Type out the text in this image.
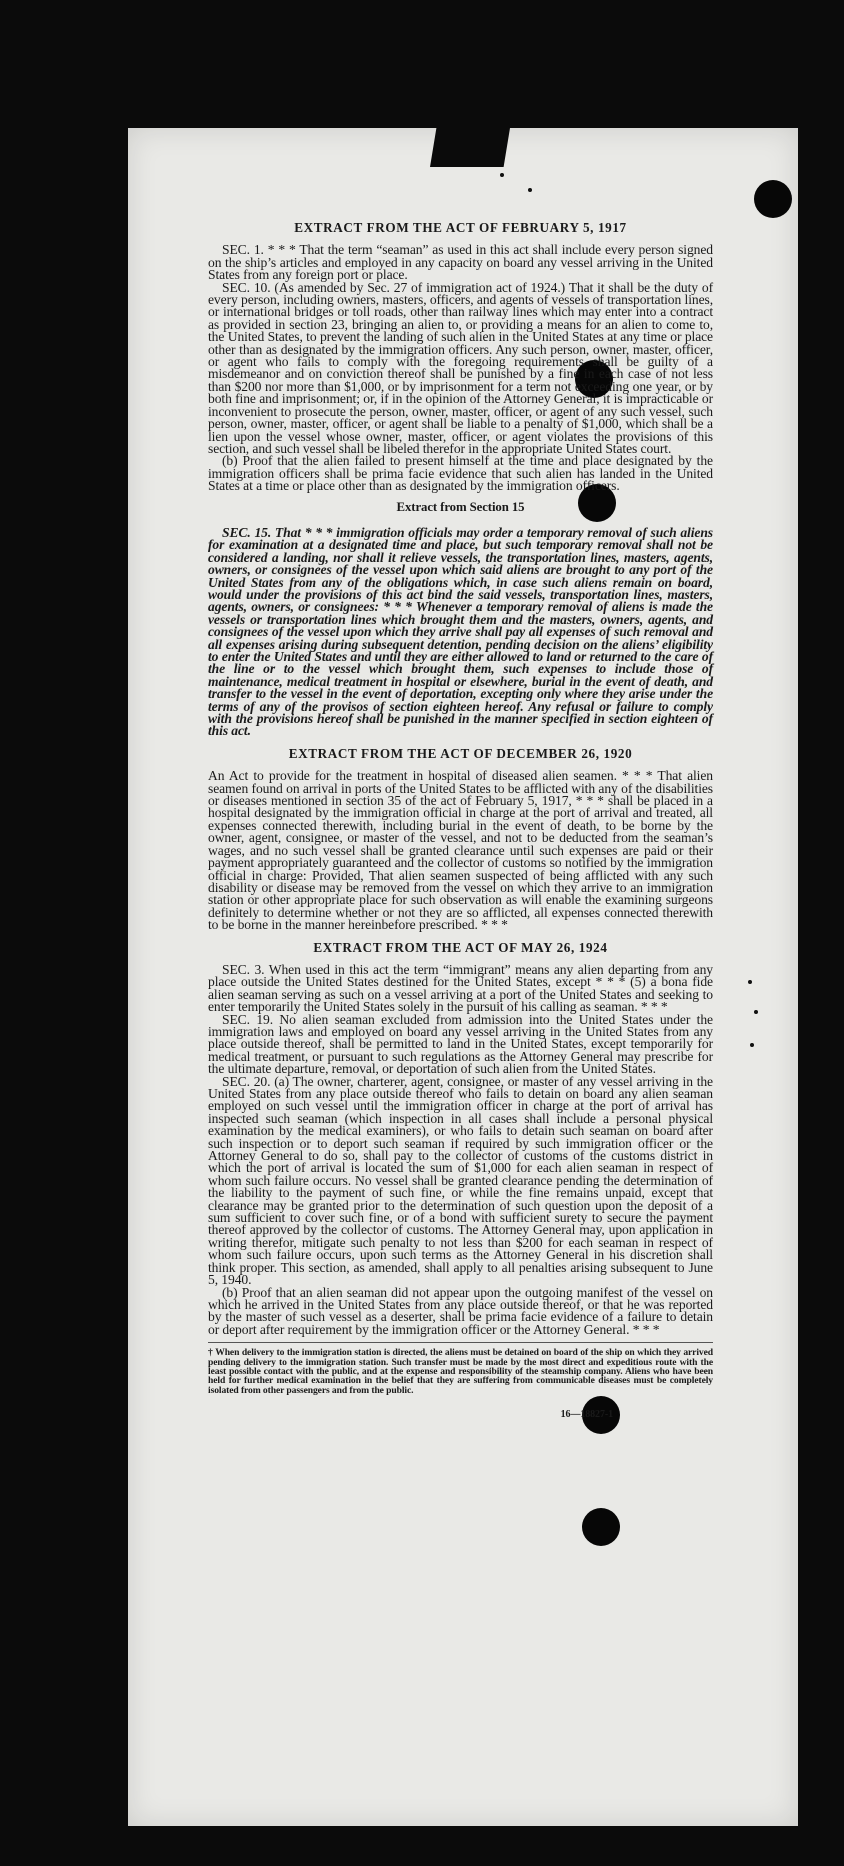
EXTRACT FROM THE ACT OF FEBRUARY 5, 1917

SEC. 1. * * * That the term “seaman” as used in this act shall include every person signed on the ship’s articles and employed in any capacity on board any vessel arriving in the United States from any foreign port or place.

SEC. 10. (As amended by Sec. 27 of immigration act of 1924.) That it shall be the duty of every person, including owners, masters, officers, and agents of vessels of transportation lines, or international bridges or toll roads, other than railway lines which may enter into a contract as provided in section 23, bringing an alien to, or providing a means for an alien to come to, the United States, to prevent the landing of such alien in the United States at any time or place other than as designated by the immigration officers. Any such person, owner, master, officer, or agent who fails to comply with the foregoing requirements shall be guilty of a misdemeanor and on conviction thereof shall be punished by a fine in each case of not less than $200 nor more than $1,000, or by imprisonment for a term not exceeding one year, or by both fine and imprisonment; or, if in the opinion of the Attorney General, it is impracticable or inconvenient to prosecute the person, owner, master, officer, or agent of any such vessel, such person, owner, master, officer, or agent shall be liable to a penalty of $1,000, which shall be a lien upon the vessel whose owner, master, officer, or agent violates the provisions of this section, and such vessel shall be libeled therefor in the appropriate United States court.

(b) Proof that the alien failed to present himself at the time and place designated by the immigration officers shall be prima facie evidence that such alien has landed in the United States at a time or place other than as designated by the immigration officers.

Extract from Section 15

SEC. 15. That * * * immigration officials may order a temporary removal of such aliens for examination at a designated time and place, but such temporary removal shall not be considered a landing, nor shall it relieve vessels, the transportation lines, masters, agents, owners, or consignees of the vessel upon which said aliens are brought to any port of the United States from any of the obligations which, in case such aliens remain on board, would under the provisions of this act bind the said vessels, transportation lines, masters, agents, owners, or consignees: * * * Whenever a temporary removal of aliens is made the vessels or transportation lines which brought them and the masters, owners, agents, and consignees of the vessel upon which they arrive shall pay all expenses of such removal and all expenses arising during subsequent detention, pending decision on the aliens’ eligibility to enter the United States and until they are either allowed to land or returned to the care of the line or to the vessel which brought them, such expenses to include those of maintenance, medical treatment in hospital or elsewhere, burial in the event of death, and transfer to the vessel in the event of deportation, excepting only where they arise under the terms of any of the provisos of section eighteen hereof. Any refusal or failure to comply with the provisions hereof shall be punished in the manner specified in section eighteen of this act.

EXTRACT FROM THE ACT OF DECEMBER 26, 1920

An Act to provide for the treatment in hospital of diseased alien seamen. * * * That alien seamen found on arrival in ports of the United States to be afflicted with any of the disabilities or diseases mentioned in section 35 of the act of February 5, 1917, * * * shall be placed in a hospital designated by the immigration official in charge at the port of arrival and treated, all expenses connected therewith, including burial in the event of death, to be borne by the owner, agent, consignee, or master of the vessel, and not to be deducted from the seaman’s wages, and no such vessel shall be granted clearance until such expenses are paid or their payment appropriately guaranteed and the collector of customs so notified by the immigration official in charge: Provided, That alien seamen suspected of being afflicted with any such disability or disease may be removed from the vessel on which they arrive to an immigration station or other appropriate place for such observation as will enable the examining surgeons definitely to determine whether or not they are so afflicted, all expenses connected therewith to be borne in the manner hereinbefore prescribed. * * *

EXTRACT FROM THE ACT OF MAY 26, 1924

SEC. 3. When used in this act the term “immigrant” means any alien departing from any place outside the United States destined for the United States, except * * * (5) a bona fide alien seaman serving as such on a vessel arriving at a port of the United States and seeking to enter temporarily the United States solely in the pursuit of his calling as seaman. * * *

SEC. 19. No alien seaman excluded from admission into the United States under the immigration laws and employed on board any vessel arriving in the United States from any place outside thereof, shall be permitted to land in the United States, except temporarily for medical treatment, or pursuant to such regulations as the Attorney General may prescribe for the ultimate departure, removal, or deportation of such alien from the United States.

SEC. 20. (a) The owner, charterer, agent, consignee, or master of any vessel arriving in the United States from any place outside thereof who fails to detain on board any alien seaman employed on such vessel until the immigration officer in charge at the port of arrival has inspected such seaman (which inspection in all cases shall include a personal physical examination by the medical examiners), or who fails to detain such seaman on board after such inspection or to deport such seaman if required by such immigration officer or the Attorney General to do so, shall pay to the collector of customs of the customs district in which the port of arrival is located the sum of $1,000 for each alien seaman in respect of whom such failure occurs. No vessel shall be granted clearance pending the determination of the liability to the payment of such fine, or while the fine remains unpaid, except that clearance may be granted prior to the determination of such question upon the deposit of a sum sufficient to cover such fine, or of a bond with sufficient surety to secure the payment thereof approved by the collector of customs. The Attorney General may, upon application in writing therefor, mitigate such penalty to not less than $200 for each seaman in respect of whom such failure occurs, upon such terms as the Attorney General in his discretion shall think proper. This section, as amended, shall apply to all penalties arising subsequent to June 5, 1940.

(b) Proof that an alien seaman did not appear upon the outgoing manifest of the vessel on which he arrived in the United States from any place outside thereof, or that he was reported by the master of such vessel as a deserter, shall be prima facie evidence of a failure to detain or deport after requirement by the immigration officer or the Attorney General. * * *

† When delivery to the immigration station is directed, the aliens must be detained on board of the ship on which they arrived pending delivery to the immigration station. Such transfer must be made by the most direct and expeditious route with the least possible contact with the public, and at the expense and responsibility of the steamship company. Aliens who have been held for further medical examination in the belief that they are suffering from communicable diseases must be completely isolated from other passengers and from the public.
16—18827-1
